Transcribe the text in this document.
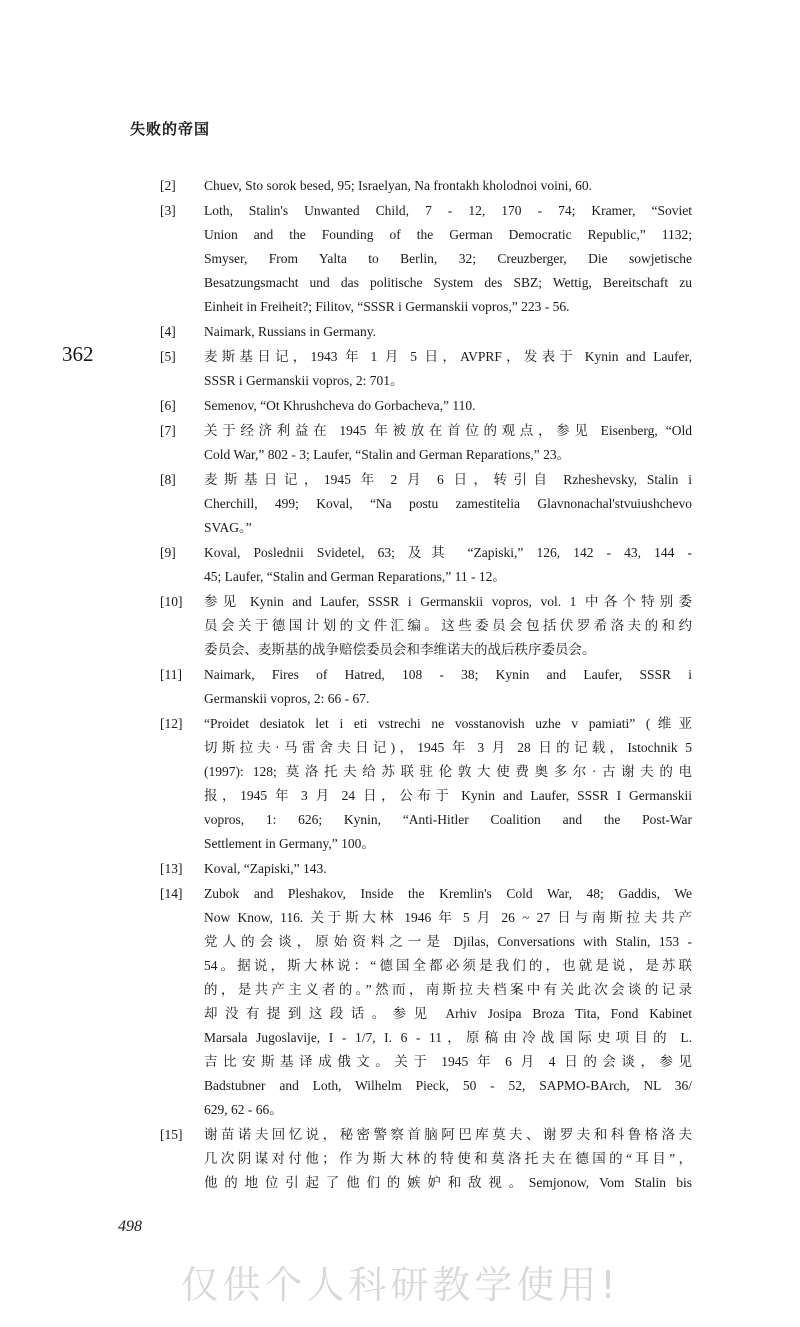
失败的帝国
362
[2]	Chuev, Sto sorok besed, 95; Israelyan, Na frontakh kholodnoi voini, 60.
[3]	Loth, Stalin's Unwanted Child, 7 - 12, 170 - 74; Kramer, “Soviet
Union and the Founding of the German Democratic Republic,” 1132;
Smyser, From Yalta to Berlin, 32; Creuzberger, Die sowjetische
Besatzungsmacht und das politische System des SBZ; Wettig, Bereitschaft zu
Einheit in Freiheit?; Filitov, “SSSR i Germanskii vopros,” 223 - 56.
[4]	Naimark, Russians in Germany.
[5]	麦斯基日记，1943 年 1 月 5 日，AVPRF，发表于 Kynin and Laufer,
SSSR i Germanskii vopros, 2: 701。
[6]	Semenov, “Ot Khrushcheva do Gorbacheva,” 110.
[7]	关于经济利益在 1945 年被放在首位的观点，参见 Eisenberg, “Old
Cold War,” 802 - 3; Laufer, “Stalin and German Reparations,” 23。
[8]	麦斯基日记，1945 年 2 月 6 日，转引自 Rzheshevsky, Stalin i
Cherchill, 499; Koval, “Na postu zamestitelia Glavnonachal'stvuiushchevo
SVAG。”
[9]	Koval, Poslednii Svidetel, 63; 及其 “Zapiski,” 126, 142 - 43, 144 -
45; Laufer, “Stalin and German Reparations,” 11 - 12。
[10]	参见 Kynin and Laufer, SSSR i Germanskii vopros, vol. 1 中各个特别委
员会关于德国计划的文件汇编。这些委员会包括伏罗希洛夫的和约
委员会、麦斯基的战争赔偿委员会和李维诺夫的战后秩序委员会。
[11]	Naimark, Fires of Hatred, 108 - 38; Kynin and Laufer, SSSR i
Germanskii vopros, 2: 66 - 67.
[12]	“Proidet desiatok let i eti vstrechi ne vosstanovish uzhe v pamiati” (维亚
切斯拉夫·马雷舍夫日记)，1945 年 3 月 28 日的记载，Istochnik 5
(1997): 128; 莫洛托夫给苏联驻伦敦大使费奥多尔·古谢夫的电
报，1945 年 3 月 24 日，公布于 Kynin and Laufer, SSSR I Germanskii
vopros, 1: 626; Kynin, “Anti-Hitler Coalition and the Post-War
Settlement in Germany,” 100。
[13]	Koval, “Zapiski,” 143.
[14]	Zubok and Pleshakov, Inside the Kremlin's Cold War, 48; Gaddis, We
Now Know, 116. 关于斯大林 1946 年 5 月 26 ~ 27 日与南斯拉夫共产
党人的会谈，原始资料之一是 Djilas, Conversations with Stalin, 153 -
54。据说，斯大林说：“德国全都必须是我们的，也就是说，是苏联
的，是共产主义者的。”然而，南斯拉夫档案中有关此次会谈的记录
却没有提到这段话。参见 Arhiv Josipa Broza Tita, Fond Kabinet
Marsala Jugoslavije, I - 1/7, I. 6 - 11，原稿由冷战国际史项目的 L.
吉比安斯基译成俄文。关于 1945 年 6 月 4 日的会谈，参见
Badstubner and Loth, Wilhelm Pieck, 50 - 52, SAPMO-BArch, NL 36/
629, 62 - 66。
[15]	谢苗诺夫回忆说，秘密警察首脑阿巴库莫夫、谢罗夫和科鲁格洛夫
几次阴谋对付他；作为斯大林的特使和莫洛托夫在德国的“耳目”，
他的地位引起了他们的嫉妒和敌视。Semjonow, Vom Stalin bis
498
仅供个人科研教学使用!
